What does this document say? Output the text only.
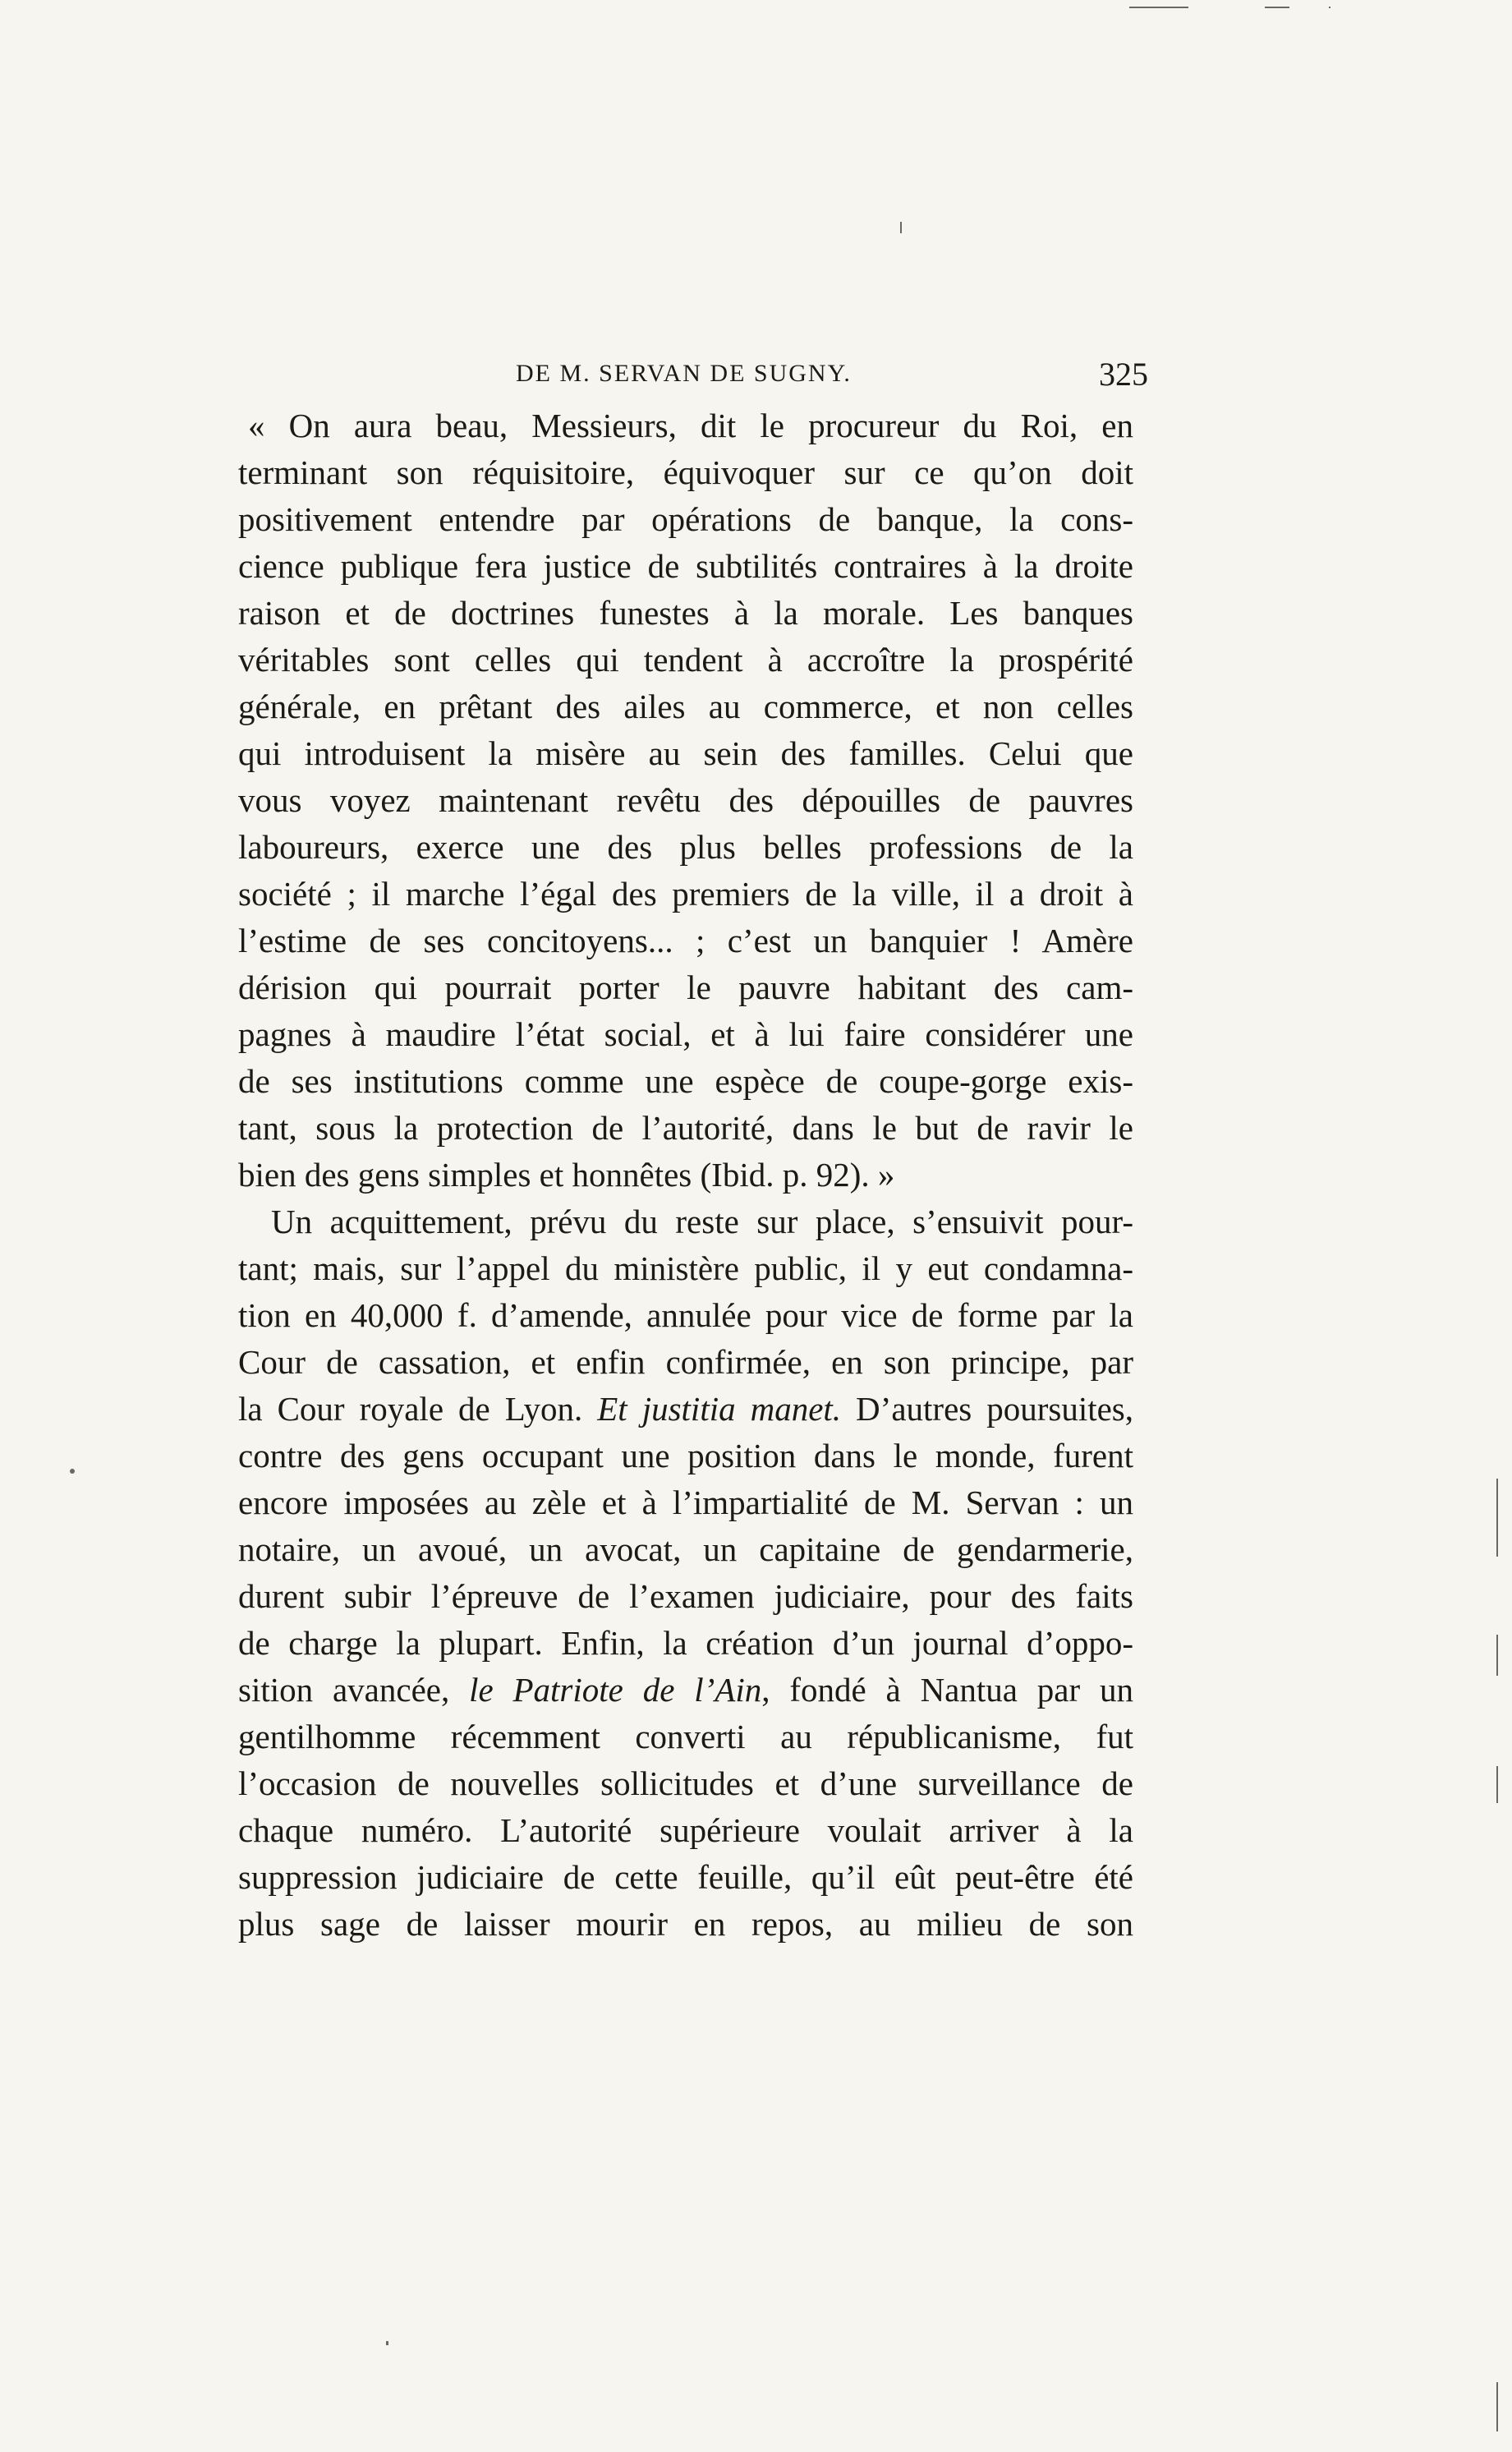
DE M. SERVAN DE SUGNY.	325
« On aura beau, Messieurs, dit le procureur du Roi, en
terminant son réquisitoire, équivoquer sur ce qu’on doit
positivement entendre par opérations de banque, la cons-
cience publique fera justice de subtilités contraires à la droite
raison et de doctrines funestes à la morale. Les banques
véritables sont celles qui tendent à accroître la prospérité
générale, en prêtant des ailes au commerce, et non celles
qui introduisent la misère au sein des familles. Celui que
vous voyez maintenant revêtu des dépouilles de pauvres
laboureurs, exerce une des plus belles professions de la
société ; il marche l’égal des premiers de la ville, il a droit à
l’estime de ses concitoyens... ; c’est un banquier ! Amère
dérision qui pourrait porter le pauvre habitant des cam-
pagnes à maudire l’état social, et à lui faire considérer une
de ses institutions comme une espèce de coupe-gorge exis-
tant, sous la protection de l’autorité, dans le but de ravir le
bien des gens simples et honnêtes (Ibid. p. 92). »
Un acquittement, prévu du reste sur place, s’ensuivit pour-
tant; mais, sur l’appel du ministère public, il y eut condamna-
tion en 40,000 f. d’amende, annulée pour vice de forme par la
Cour de cassation, et enfin confirmée, en son principe, par
la Cour royale de Lyon. Et justitia manet. D’autres poursuites,
contre des gens occupant une position dans le monde, furent
encore imposées au zèle et à l’impartialité de M. Servan : un
notaire, un avoué, un avocat, un capitaine de gendarmerie,
durent subir l’épreuve de l’examen judiciaire, pour des faits
de charge la plupart. Enfin, la création d’un journal d’oppo-
sition avancée, le Patriote de l’Ain, fondé à Nantua par un
gentilhomme récemment converti au républicanisme, fut
l’occasion de nouvelles sollicitudes et d’une surveillance de
chaque numéro. L’autorité supérieure voulait arriver à la
suppression judiciaire de cette feuille, qu’il eût peut-être été
plus sage de laisser mourir en repos, au milieu de son
